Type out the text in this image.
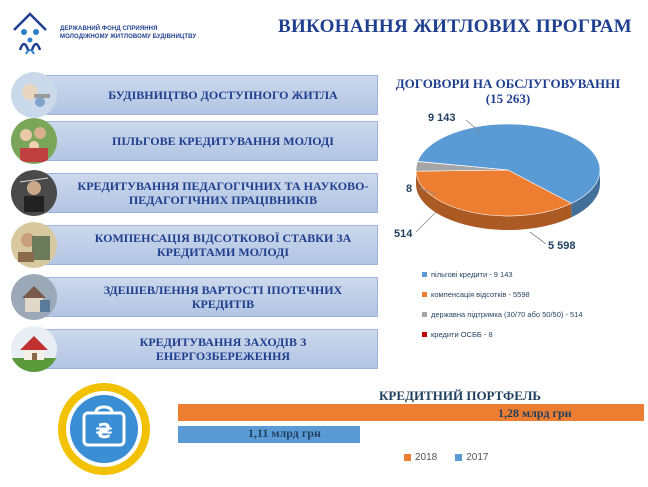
ДЕРЖАВНИЙ ФОНД СПРИЯННЯ
МОЛОДІЖНОМУ ЖИТЛОВОМУ БУДІВНИЦТВУ	ВИКОНАННЯ ЖИТЛОВИХ ПРОГРАМ
БУДІВНИЦТВО ДОСТУПНОГО ЖИТЛА
ПІЛЬГОВЕ КРЕДИТУВАННЯ МОЛОДІ
КРЕДИТУВАННЯ ПЕДАГОГІЧНИХ ТА НАУКОВО-ПЕДАГОГІЧНИХ ПРАЦІВНИКІВ
КОМПЕНСАЦІЯ ВІДСОТКОВОЇ СТАВКИ ЗА КРЕДИТАМИ МОЛОДІ
ЗДЕШЕВЛЕННЯ ВАРТОСТІ ІПОТЕЧНИХ КРЕДИТІВ
КРЕДИТУВАННЯ ЗАХОДІВ З ЕНЕРГОЗБЕРЕЖЕННЯ
ДОГОВОРИ НА ОБСЛУГОВУВАННІ
(15 263)
9 143
5 598
514
8
пільгові кредити - 9 143
компенсація відсотків - 5598
державна підтримка (30/70 або 50/50) - 514
кредити ОСББ - 8
₴
КРЕДИТНИЙ ПОРТФЕЛЬ
1,28 млрд грн
1,11 млрд грн
2018	2017
